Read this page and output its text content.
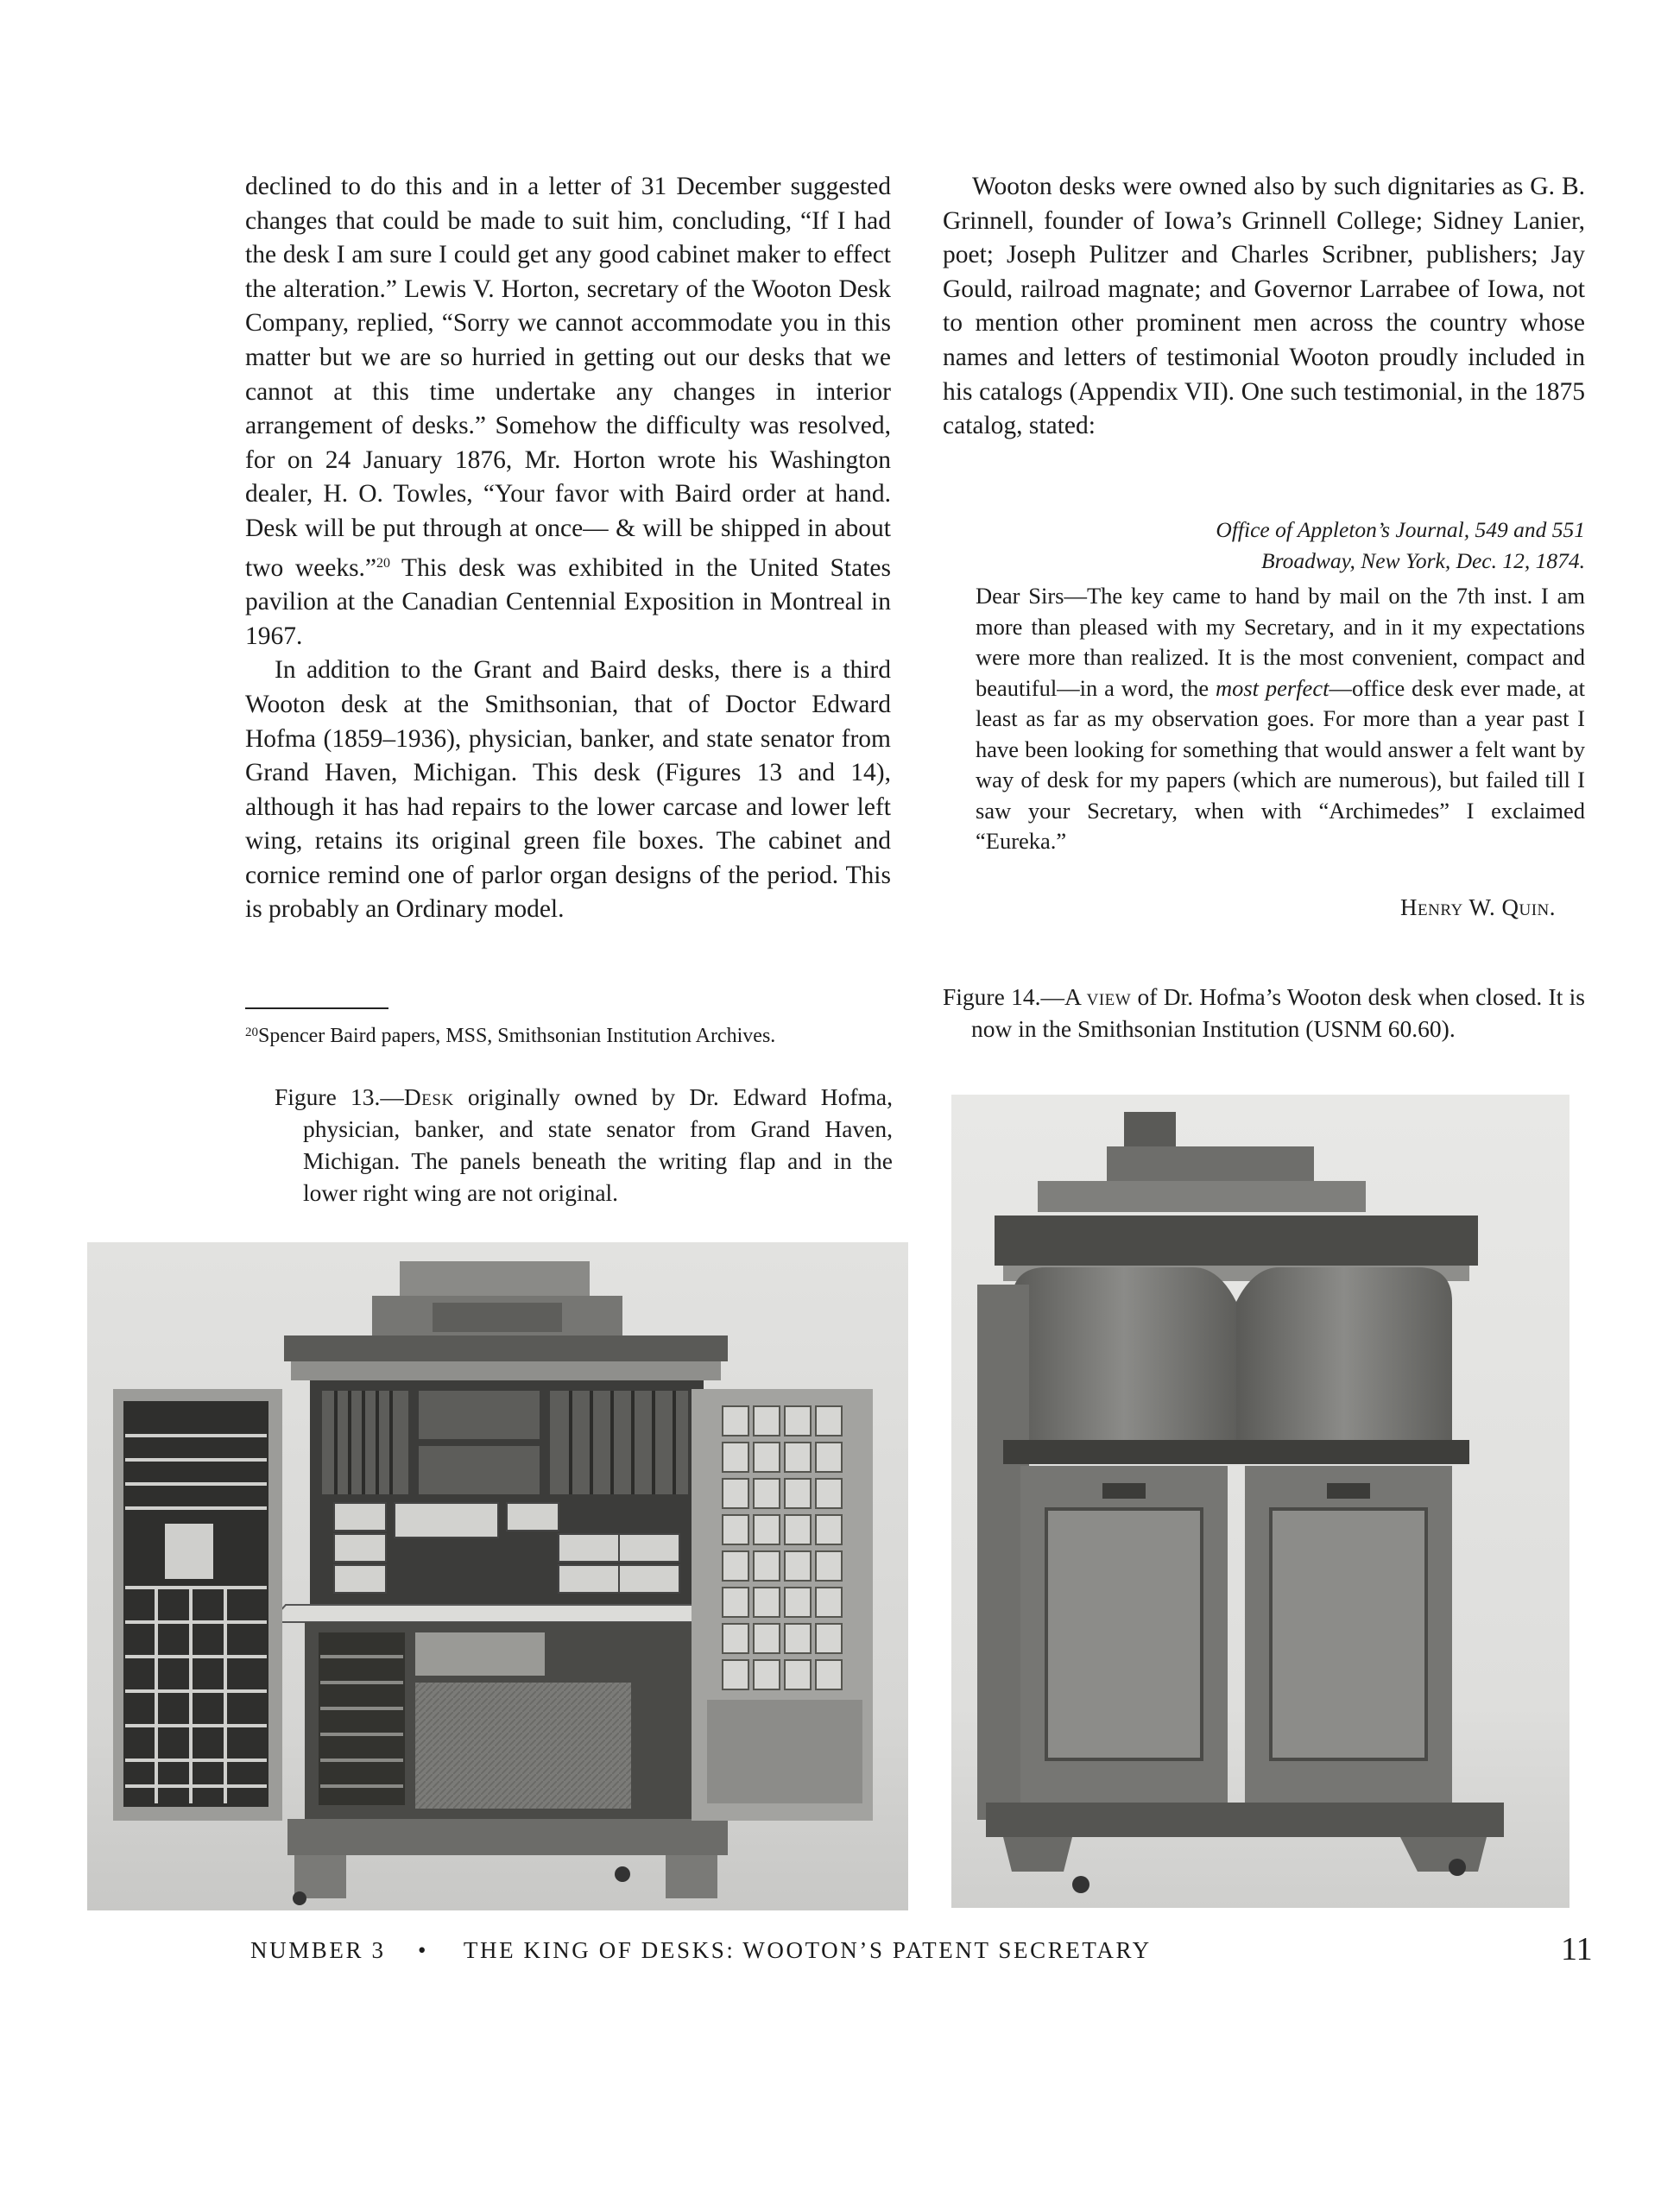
declined to do this and in a letter of 31 December suggested changes that could be made to suit him, concluding, “If I had the desk I am sure I could get any good cabinet maker to effect the alteration.” Lewis V. Horton, secretary of the Wooton Desk Company, replied, “Sorry we cannot accommodate you in this matter but we are so hurried in getting out our desks that we cannot at this time undertake any changes in interior arrangement of desks.” Somehow the difficulty was resolved, for on 24 January 1876, Mr. Horton wrote his Washington dealer, H. O. Towles, “Your favor with Baird order at hand. Desk will be put through at once— & will be shipped in about two weeks.”$^{20}$ This desk was exhibited in the United States pavilion at the Canadian Centennial Exposition in Montreal in 1967.

In addition to the Grant and Baird desks, there is a third Wooton desk at the Smithsonian, that of Doctor Edward Hofma (1859–1936), physician, banker, and state senator from Grand Haven, Michigan. This desk (Figures 13 and 14), although it has had repairs to the lower carcase and lower left wing, retains its original green file boxes. The cabinet and cornice remind one of parlor organ designs of the period. This is probably an Ordinary model.

$^{20}$Spencer Baird papers, MSS, Smithsonian Institution Archives.

Figure 13.—Desk originally owned by Dr. Edward Hofma, physician, banker, and state senator from Grand Haven, Michigan. The panels beneath the writing flap and in the lower right wing are not original.

Wooton desks were owned also by such dignitaries as G. B. Grinnell, founder of Iowa’s Grinnell College; Sidney Lanier, poet; Joseph Pulitzer and Charles Scribner, publishers; Jay Gould, railroad magnate; and Governor Larrabee of Iowa, not to mention other prominent men across the country whose names and letters of testimonial Wooton proudly included in his catalogs (Appendix VII). One such testimonial, in the 1875 catalog, stated:

Office of Appleton’s Journal, 549 and 551
Broadway, New York, Dec. 12, 1874.

Dear Sirs—The key came to hand by mail on the 7th inst. I am more than pleased with my Secretary, and in it my expectations were more than realized. It is the most convenient, compact and beautiful—in a word, the most perfect—office desk ever made, at least as far as my observation goes. For more than a year past I have been looking for something that would answer a felt want by way of desk for my papers (which are numerous), but failed till I saw your Secretary, when with “Archimedes” I exclaimed “Eureka.”

Henry W. Quin.

Figure 14.—A view of Dr. Hofma’s Wooton desk when closed. It is now in the Smithsonian Institution (USNM 60.60).

NUMBER 3 • THE KING OF DESKS: WOOTON’S PATENT SECRETARY	11
